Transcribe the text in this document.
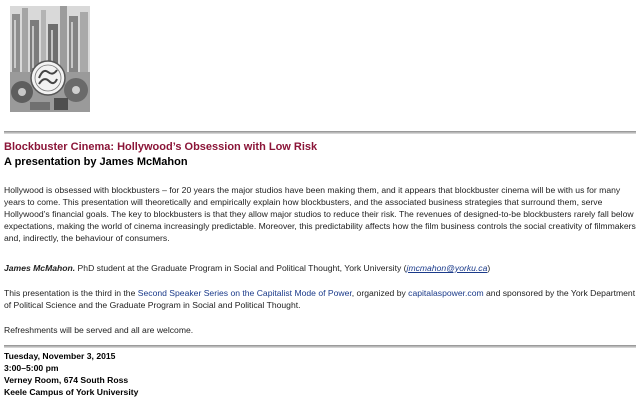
Blockbuster Cinema: Hollywood’s Obsession with Low Risk
A presentation by James McMahon

Hollywood is obsessed with blockbusters – for 20 years the major studios have been making them, and it appears that blockbuster cinema will be with us for many years to come. This presentation will theoretically and empirically explain how blockbusters, and the associated business strategies that surround them, serve Hollywood’s financial goals. The key to blockbusters is that they allow major studios to reduce their risk. The revenues of designed-to-be blockbusters rarely fall below expectations, making the world of cinema increasingly predictable. Moreover, this predictability affects how the film business controls the social creativity of filmmakers and, indirectly, the behaviour of consumers.

James McMahon. PhD student at the Graduate Program in Social and Political Thought, York University (jmcmahon@yorku.ca)

This presentation is the third in the Second Speaker Series on the Capitalist Mode of Power, organized by capitalaspower.com and sponsored by the York Department of Political Science and the Graduate Program in Social and Political Thought.

Refreshments will be served and all are welcome.

Tuesday, November 3, 2015
3:00–5:00 pm
Verney Room, 674 South Ross
Keele Campus of York University
